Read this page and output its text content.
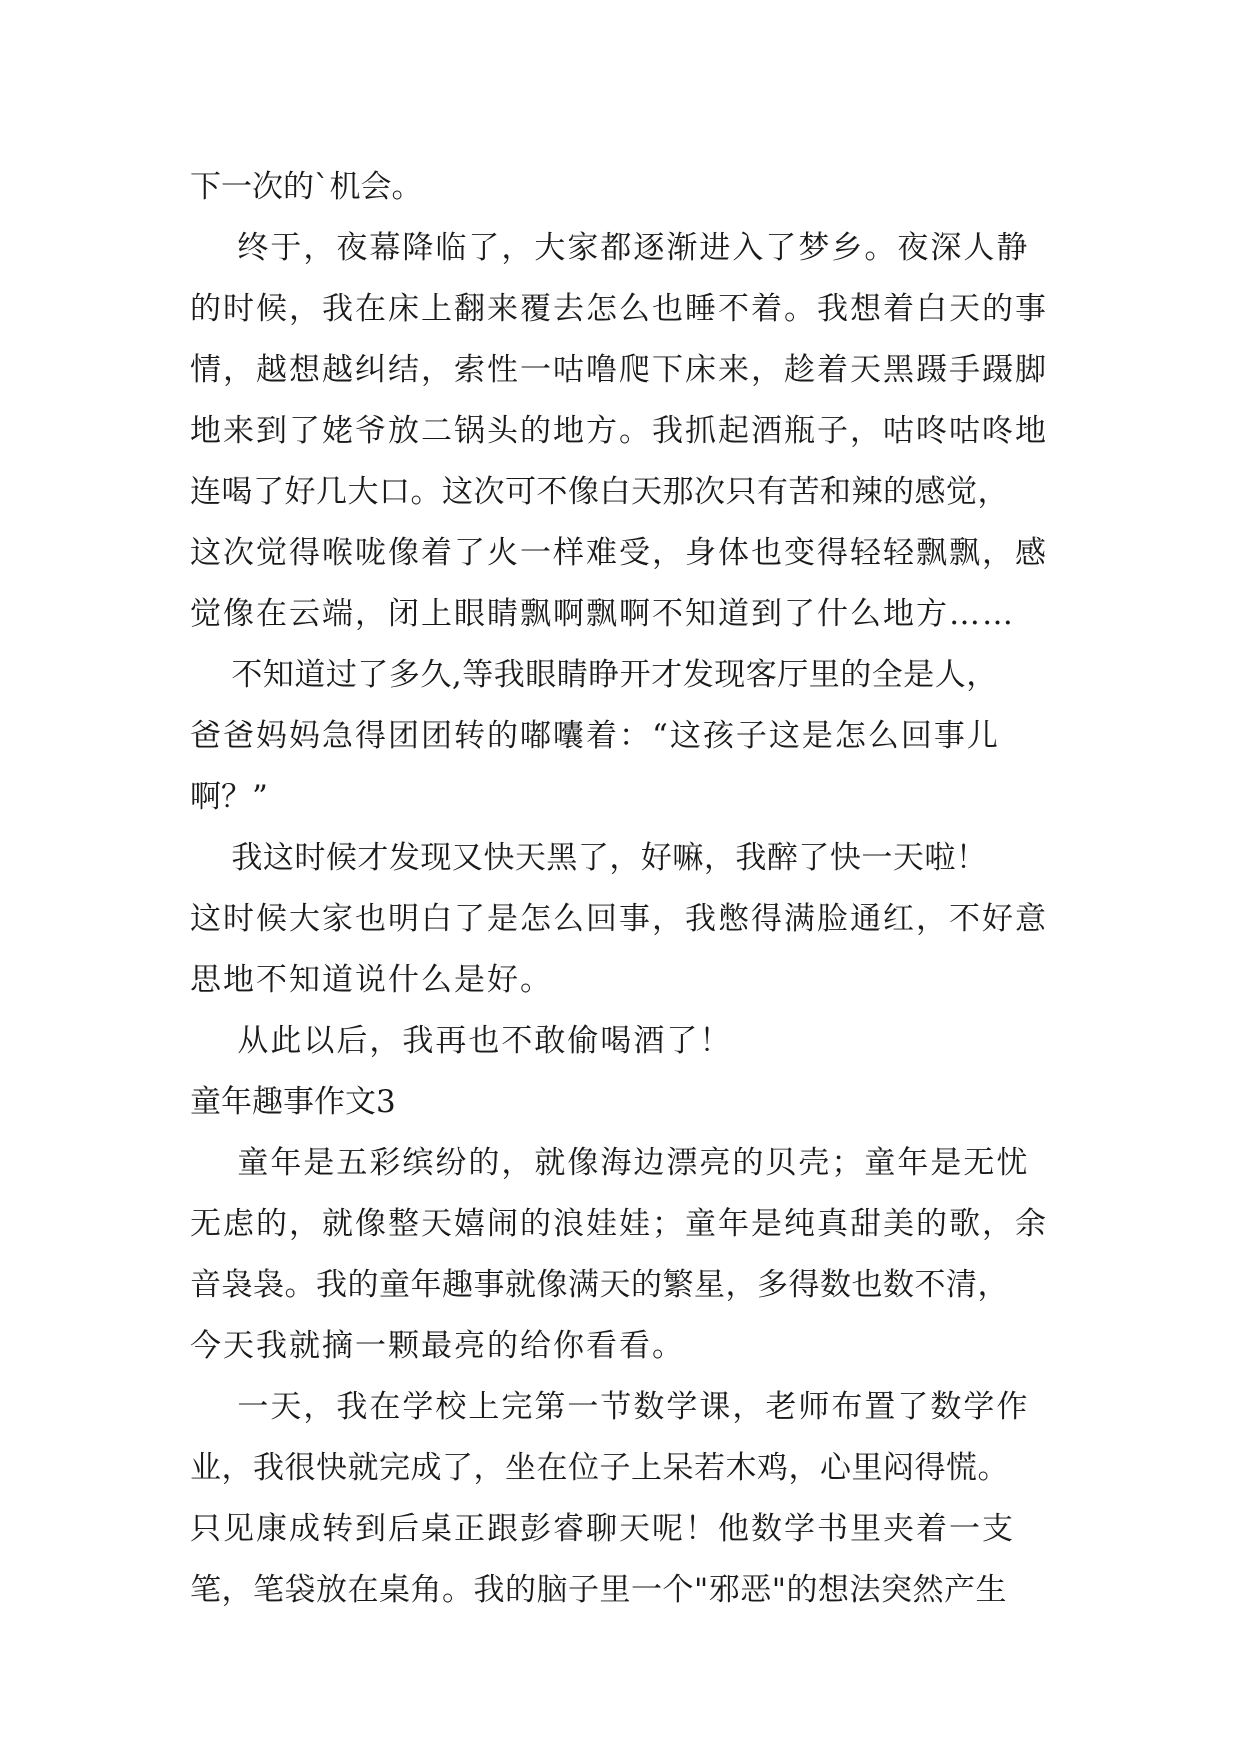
下一次的`机会。
终于，夜幕降临了，大家都逐渐进入了梦乡。夜深人静
的时候，我在床上翻来覆去怎么也睡不着。我想着白天的事
情，越想越纠结，索性一咕噜爬下床来，趁着天黑蹑手蹑脚
地来到了姥爷放二锅头的地方。我抓起酒瓶子，咕咚咕咚地
连喝了好几大口。这次可不像白天那次只有苦和辣的感觉，
这次觉得喉咙像着了火一样难受，身体也变得轻轻飘飘，感
觉像在云端，闭上眼睛飘啊飘啊不知道到了什么地方……
不知道过了多久,等我眼睛睁开才发现客厅里的全是人，
爸爸妈妈急得团团转的嘟囔着：“这孩子这是怎么回事儿
啊？”
我这时候才发现又快天黑了，好嘛，我醉了快一天啦！
这时候大家也明白了是怎么回事，我憋得满脸通红，不好意
思地不知道说什么是好。
从此以后，我再也不敢偷喝酒了！
童年趣事作文3
童年是五彩缤纷的，就像海边漂亮的贝壳；童年是无忧
无虑的，就像整天嬉闹的浪娃娃；童年是纯真甜美的歌，余
音袅袅。我的童年趣事就像满天的繁星，多得数也数不清，
今天我就摘一颗最亮的给你看看。
一天，我在学校上完第一节数学课，老师布置了数学作
业，我很快就完成了，坐在位子上呆若木鸡，心里闷得慌。
只见康成转到后桌正跟彭睿聊天呢！他数学书里夹着一支
笔，笔袋放在桌角。我的脑子里一个"邪恶"的想法突然产生
